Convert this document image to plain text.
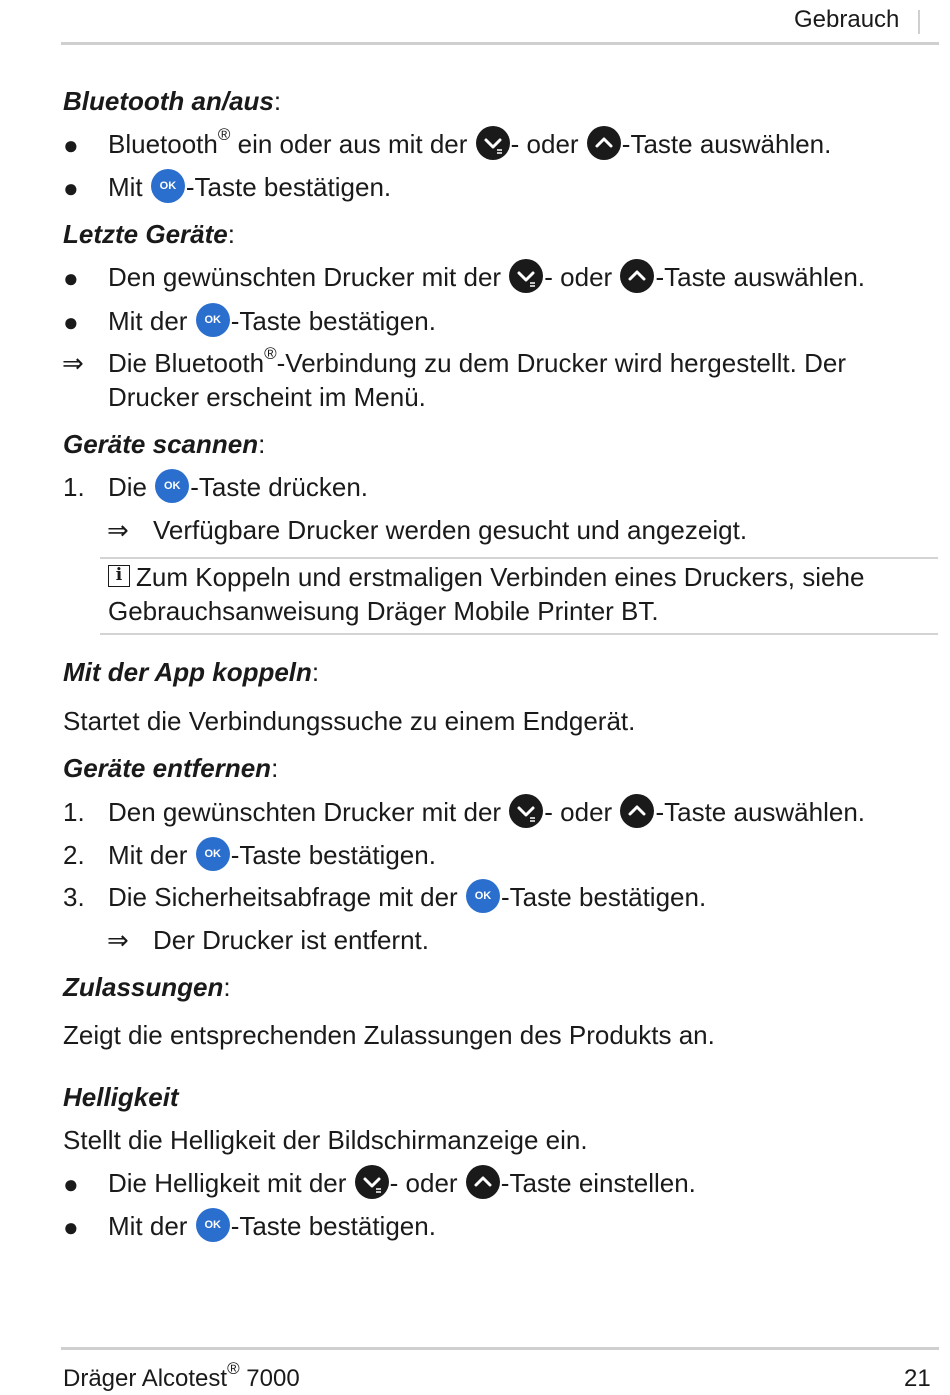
Gebrauch
Bluetooth an/aus:
● Bluetooth® ein oder aus mit der
- oder
-Taste auswählen.
● Mit OK -Taste bestätigen.
Letzte Geräte:
● Den gewünschten Drucker mit der
- oder
-Taste auswählen.
● Mit der OK -Taste bestätigen.
⇒ Die Bluetooth®-Verbindung zu dem Drucker wird hergestellt. Der
Drucker erscheint im Menü.
Geräte scannen:
1. Die OK -Taste drücken.
⇒ Verfügbare Drucker werden gesucht und angezeigt.
i Zum Koppeln und erstmaligen Verbinden eines Druckers, siehe
Gebrauchsanweisung Dräger Mobile Printer BT.
Mit der App koppeln:
Startet die Verbindungssuche zu einem Endgerät.
Geräte entfernen:
1. Den gewünschten Drucker mit der
- oder
-Taste auswählen.
2. Mit der OK -Taste bestätigen.
3. Die Sicherheitsabfrage mit der OK -Taste bestätigen.
⇒ Der Drucker ist entfernt.
Zulassungen:
Zeigt die entsprechenden Zulassungen des Produkts an.
Helligkeit
Stellt die Helligkeit der Bildschirmanzeige ein.
● Die Helligkeit mit der
- oder
-Taste einstellen.
● Mit der OK -Taste bestätigen.
Dräger Alcotest® 7000	21
